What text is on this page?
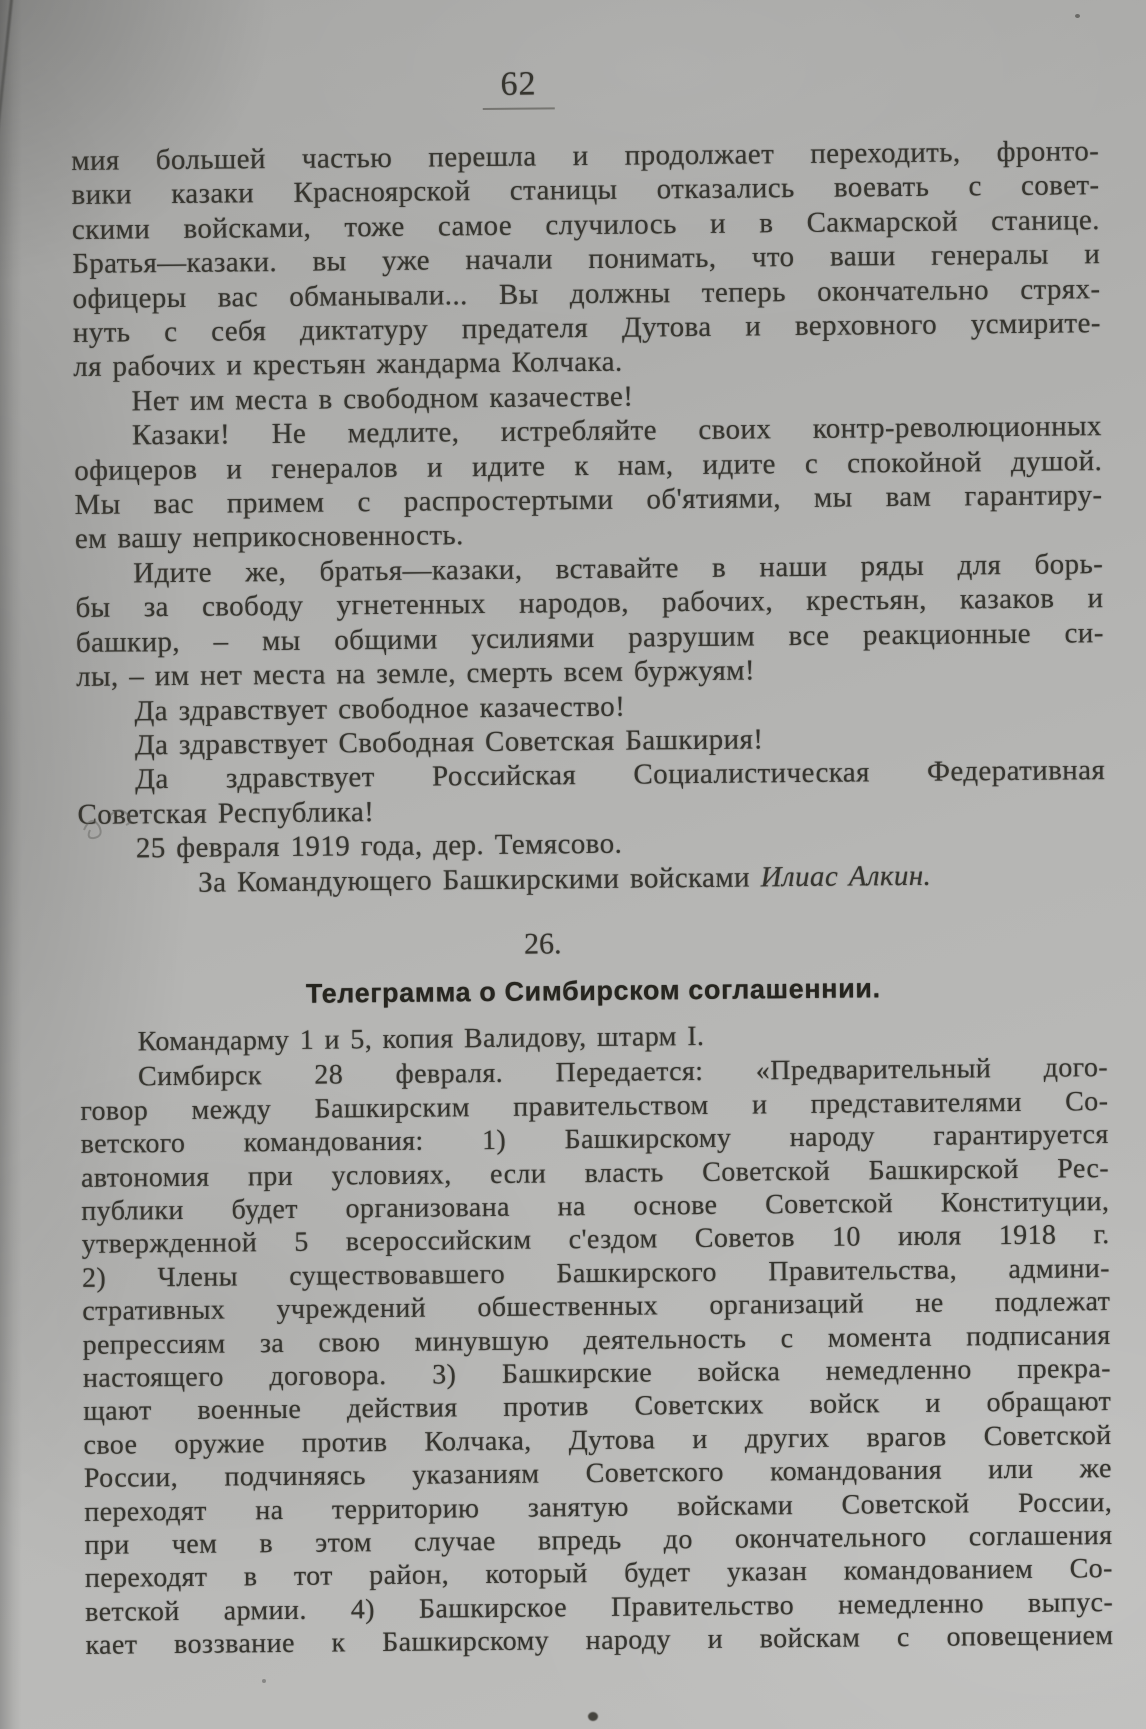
62
мия большей частью перешла и продолжает переходить, фронто-
вики казаки Красноярской станицы отказались воевать с совет-
скими войсками, тоже самое случилось и в Сакмарской станице.
Братья—казаки. вы уже начали понимать, что ваши генералы и
офицеры вас обманывали... Вы должны теперь окончательно стрях-
нуть с себя диктатуру предателя Дутова и верховного усмирите-
ля рабочих и крестьян жандарма Колчака.
Нет им места в свободном казачестве!
Казаки! Не медлите, истребляйте своих контр-революционных
офицеров и генералов и идите к нам, идите с спокойной душой.
Мы вас примем с распростертыми об'ятиями, мы вам гарантиру-
ем вашу неприкосновенность.
Идите же, братья—казаки, вставайте в наши ряды для борь-
бы за свободу угнетенных народов, рабочих, крестьян, казаков и
башкир, – мы общими усилиями разрушим все реакционные си-
лы, – им нет места на земле, смерть всем буржуям!
Да здравствует свободное казачество!
Да здравствует Свободная Советская Башкирия!
Да здравствует Российская Социалистическая Федеративная
Советская Республика!
25 февраля 1919 года, дер. Темясово.
За Командующего Башкирскими войсками Илиас Алкин.
26.
Телеграмма о Симбирском соглашеннии.
Командарму 1 и 5, копия Валидову, штарм I.
Симбирск 28 февраля. Передается: «Предварительный дого-
говор между Башкирским правительством и представителями Со-
ветского командования: 1) Башкирскому народу гарантируется
автономия при условиях, если власть Советской Башкирской Рес-
публики будет организована на основе Советской Конституции,
утвержденной 5 всероссийским с'ездом Советов 10 июля 1918 г.
2) Члены существовавшего Башкирского Правительства, админи-
стративных учреждений обшественных организаций не подлежат
репрессиям за свою минувшую деятельность с момента подписания
настоящего договора. 3) Башкирские войска немедленно прекра-
щают военные действия против Советских войск и обращают
свое оружие против Колчака, Дутова и других врагов Советской
России, подчиняясь указаниям Советского командования или же
переходят на территорию занятую войсками Советской России,
при чем в этом случае впредь до окончательного соглашения
переходят в тот район, который будет указан командованием Со-
ветской армии. 4) Башкирское Правительство немедленно выпус-
кает воззвание к Башкирскому народу и войскам с оповещением
